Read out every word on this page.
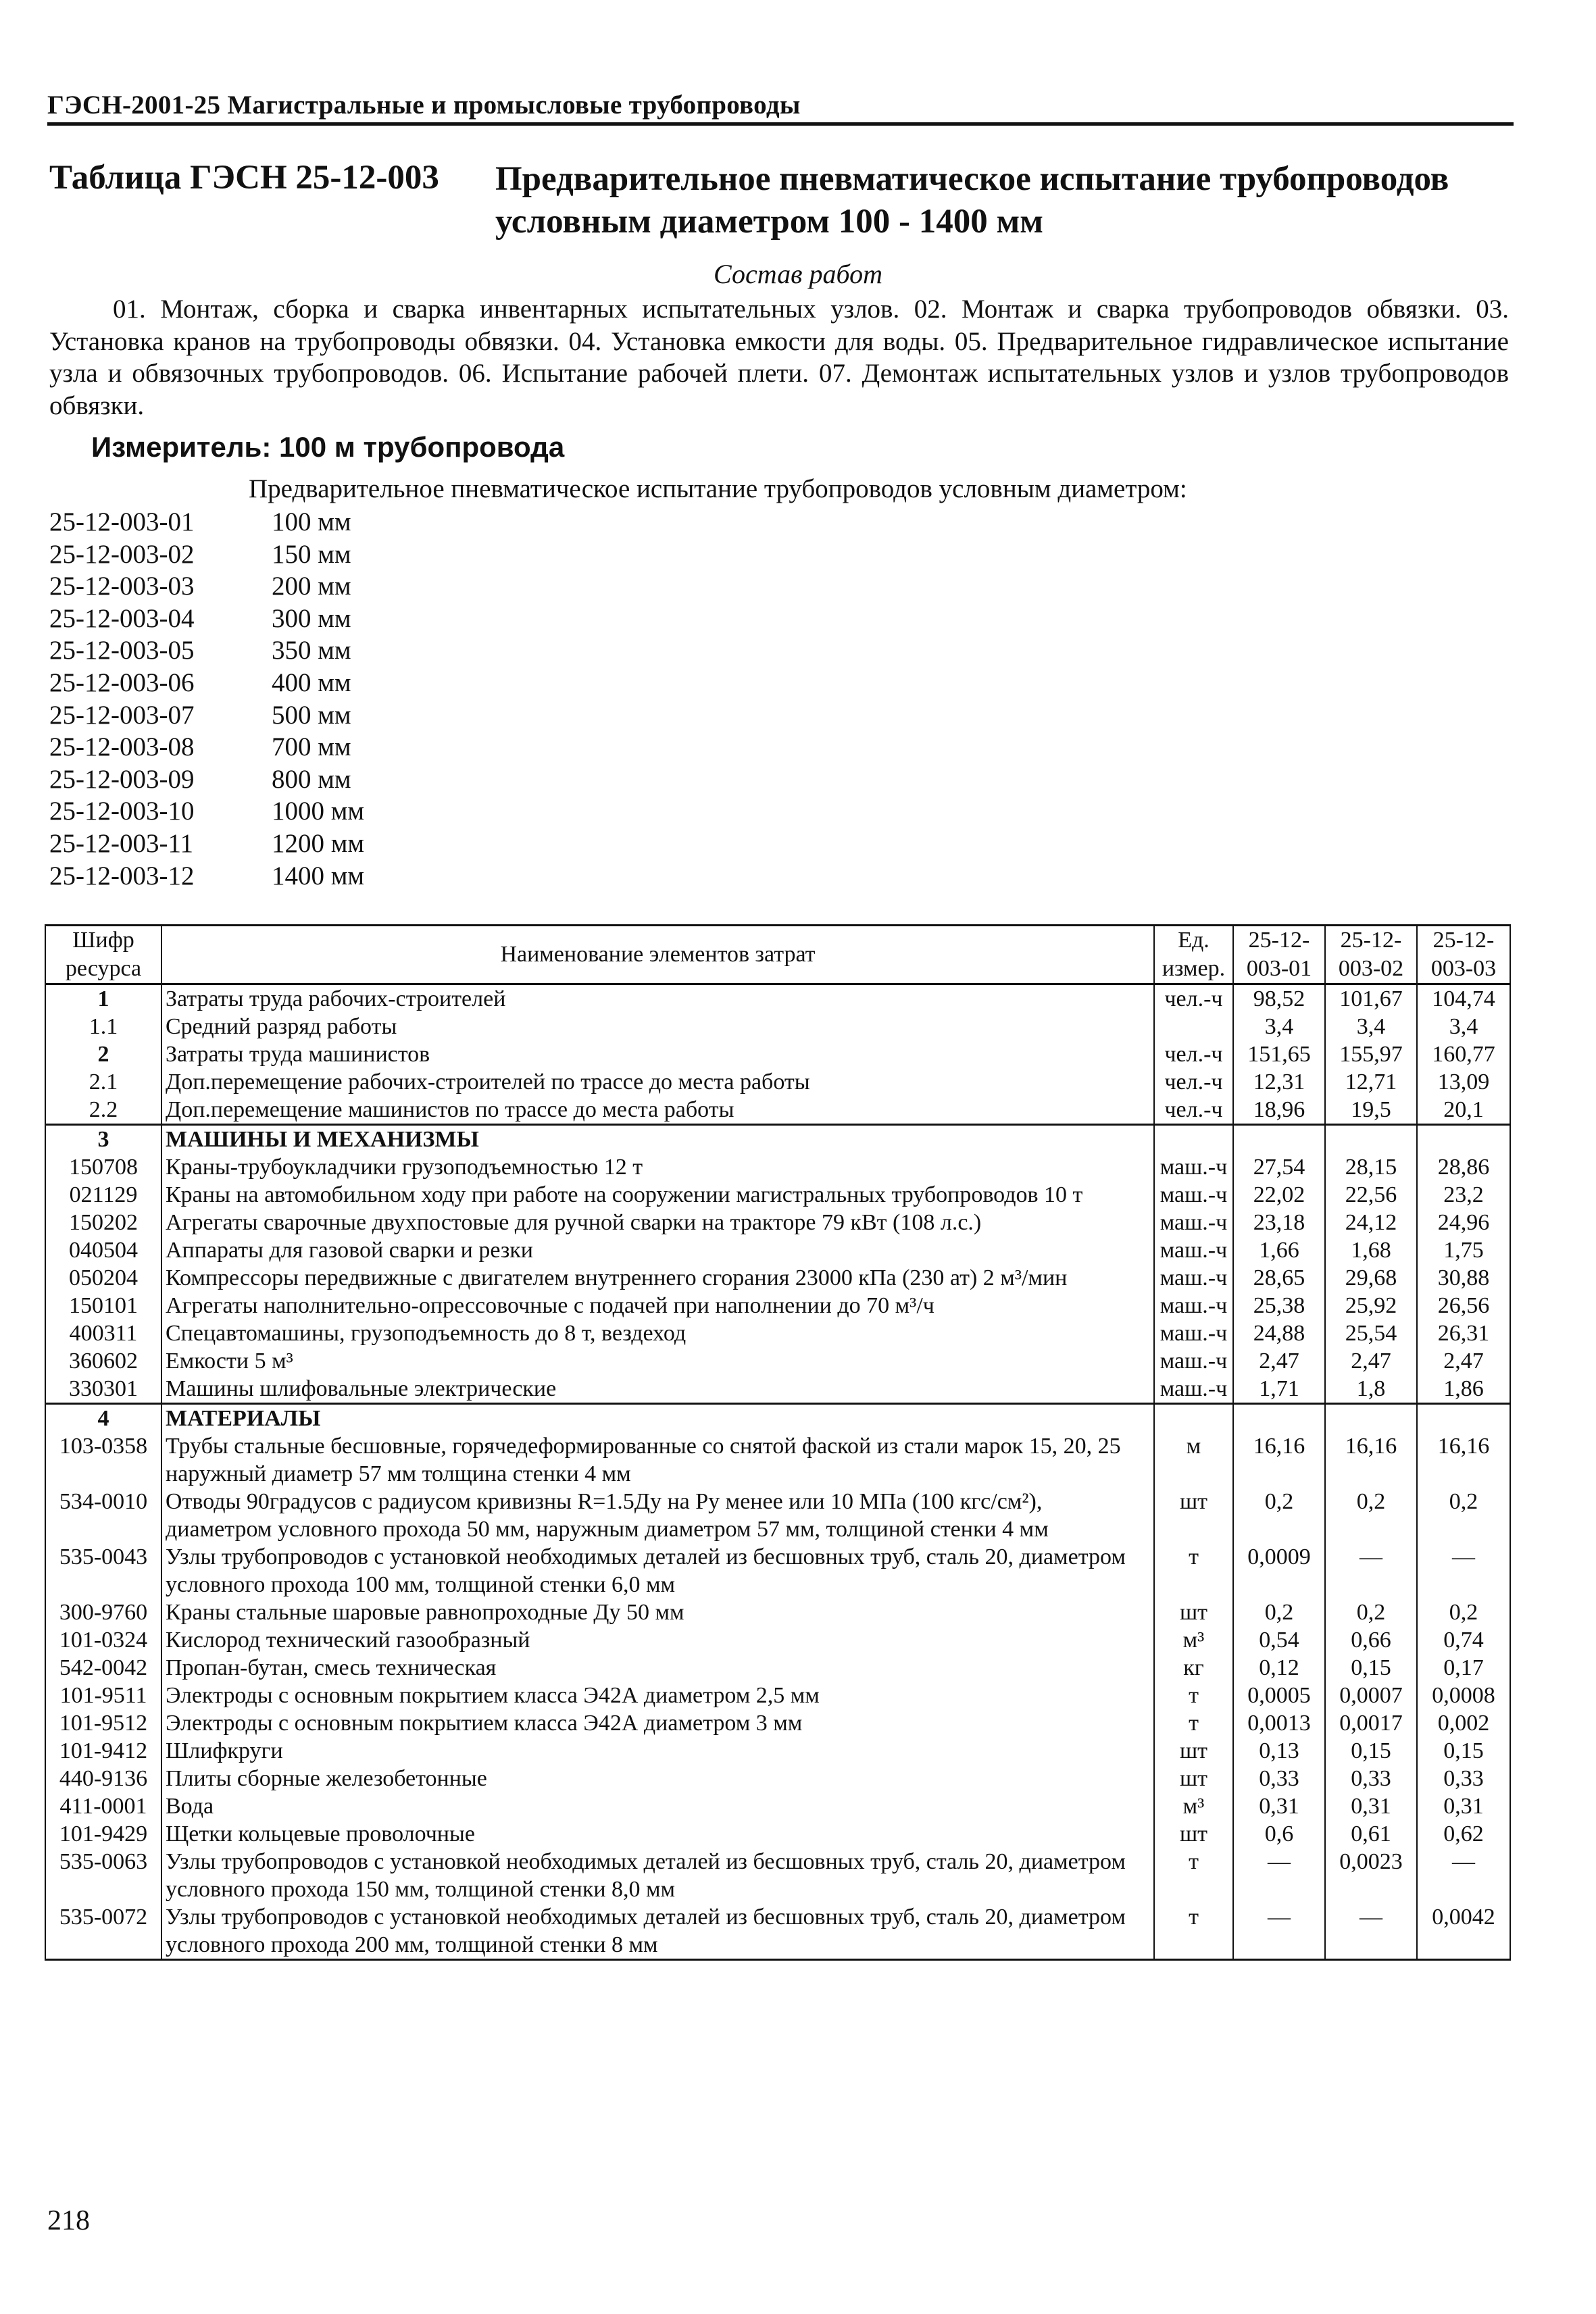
ГЭСН-2001-25 Магистральные и промысловые трубопроводы
Таблица ГЭСН 25-12-003 Предварительное пневматическое испытание трубопроводов условным диаметром 100 - 1400 мм
Состав работ
01. Монтаж, сборка и сварка инвентарных испытательных узлов. 02. Монтаж и сварка трубопроводов обвязки. 03. Установка кранов на трубопроводы обвязки. 04. Установка емкости для воды. 05. Предварительное гидравлическое испытание узла и обвязочных трубопроводов. 06. Испытание рабочей плети. 07. Демонтаж испытательных узлов и узлов трубопроводов обвязки.
Измеритель: 100 м трубопровода
Предварительное пневматическое испытание трубопроводов условным диаметром:
25-12-003-01	100 мм
25-12-003-02	150 мм
25-12-003-03	200 мм
25-12-003-04	300 мм
25-12-003-05	350 мм
25-12-003-06	400 мм
25-12-003-07	500 мм
25-12-003-08	700 мм
25-12-003-09	800 мм
25-12-003-10	1000 мм
25-12-003-11	1200 мм
25-12-003-12	1400 мм
Шифр ресурса	Наименование элементов затрат	Ед. измер.	25-12-003-01	25-12-003-02	25-12-003-03
1	Затраты труда рабочих-строителей	чел.-ч	98,52	101,67	104,74
1.1	Средний разряд работы		3,4	3,4	3,4
2	Затраты труда машинистов	чел.-ч	151,65	155,97	160,77
2.1	Доп.перемещение рабочих-строителей по трассе до места работы	чел.-ч	12,31	12,71	13,09
2.2	Доп.перемещение машинистов по трассе до места работы	чел.-ч	18,96	19,5	20,1
3	МАШИНЫ И МЕХАНИЗМЫ				
150708	Краны-трубоукладчики грузоподъемностью 12 т	маш.-ч	27,54	28,15	28,86
021129	Краны на автомобильном ходу при работе на сооружении магистральных трубопроводов 10 т	маш.-ч	22,02	22,56	23,2
150202	Агрегаты сварочные двухпостовые для ручной сварки на тракторе 79 кВт (108 л.с.)	маш.-ч	23,18	24,12	24,96
040504	Аппараты для газовой сварки и резки	маш.-ч	1,66	1,68	1,75
050204	Компрессоры передвижные с двигателем внутреннего сгорания 23000 кПа (230 ат) 2 м³/мин	маш.-ч	28,65	29,68	30,88
150101	Агрегаты наполнительно-опрессовочные с подачей при наполнении до 70 м³/ч	маш.-ч	25,38	25,92	26,56
400311	Спецавтомашины, грузоподъемность до 8 т, вездеход	маш.-ч	24,88	25,54	26,31
360602	Емкости 5 м³	маш.-ч	2,47	2,47	2,47
330301	Машины шлифовальные электрические	маш.-ч	1,71	1,8	1,86
4	МАТЕРИАЛЫ				
103-0358	Трубы стальные бесшовные, горячедеформированные со снятой фаской из стали марок 15, 20, 25 наружный диаметр 57 мм толщина стенки 4 мм	м	16,16	16,16	16,16
534-0010	Отводы 90градусов с радиусом кривизны R=1.5Ду на Ру менее или 10 МПа (100 кгс/см²), диаметром условного прохода 50 мм, наружным диаметром 57 мм, толщиной стенки 4 мм	шт	0,2	0,2	0,2
535-0043	Узлы трубопроводов с установкой необходимых деталей из бесшовных труб, сталь 20, диаметром условного прохода 100 мм, толщиной стенки 6,0 мм	т	0,0009	—	—
300-9760	Краны стальные шаровые равнопроходные Ду 50 мм	шт	0,2	0,2	0,2
101-0324	Кислород технический газообразный	м³	0,54	0,66	0,74
542-0042	Пропан-бутан, смесь техническая	кг	0,12	0,15	0,17
101-9511	Электроды с основным покрытием класса Э42А диаметром 2,5 мм	т	0,0005	0,0007	0,0008
101-9512	Электроды с основным покрытием класса Э42А диаметром 3 мм	т	0,0013	0,0017	0,002
101-9412	Шлифкруги	шт	0,13	0,15	0,15
440-9136	Плиты сборные железобетонные	шт	0,33	0,33	0,33
411-0001	Вода	м³	0,31	0,31	0,31
101-9429	Щетки кольцевые проволочные	шт	0,6	0,61	0,62
535-0063	Узлы трубопроводов с установкой необходимых деталей из бесшовных труб, сталь 20, диаметром условного прохода 150 мм, толщиной стенки 8,0 мм	т	—	0,0023	—
535-0072	Узлы трубопроводов с установкой необходимых деталей из бесшовных труб, сталь 20, диаметром условного прохода 200 мм, толщиной стенки 8 мм	т	—	—	0,0042
218
